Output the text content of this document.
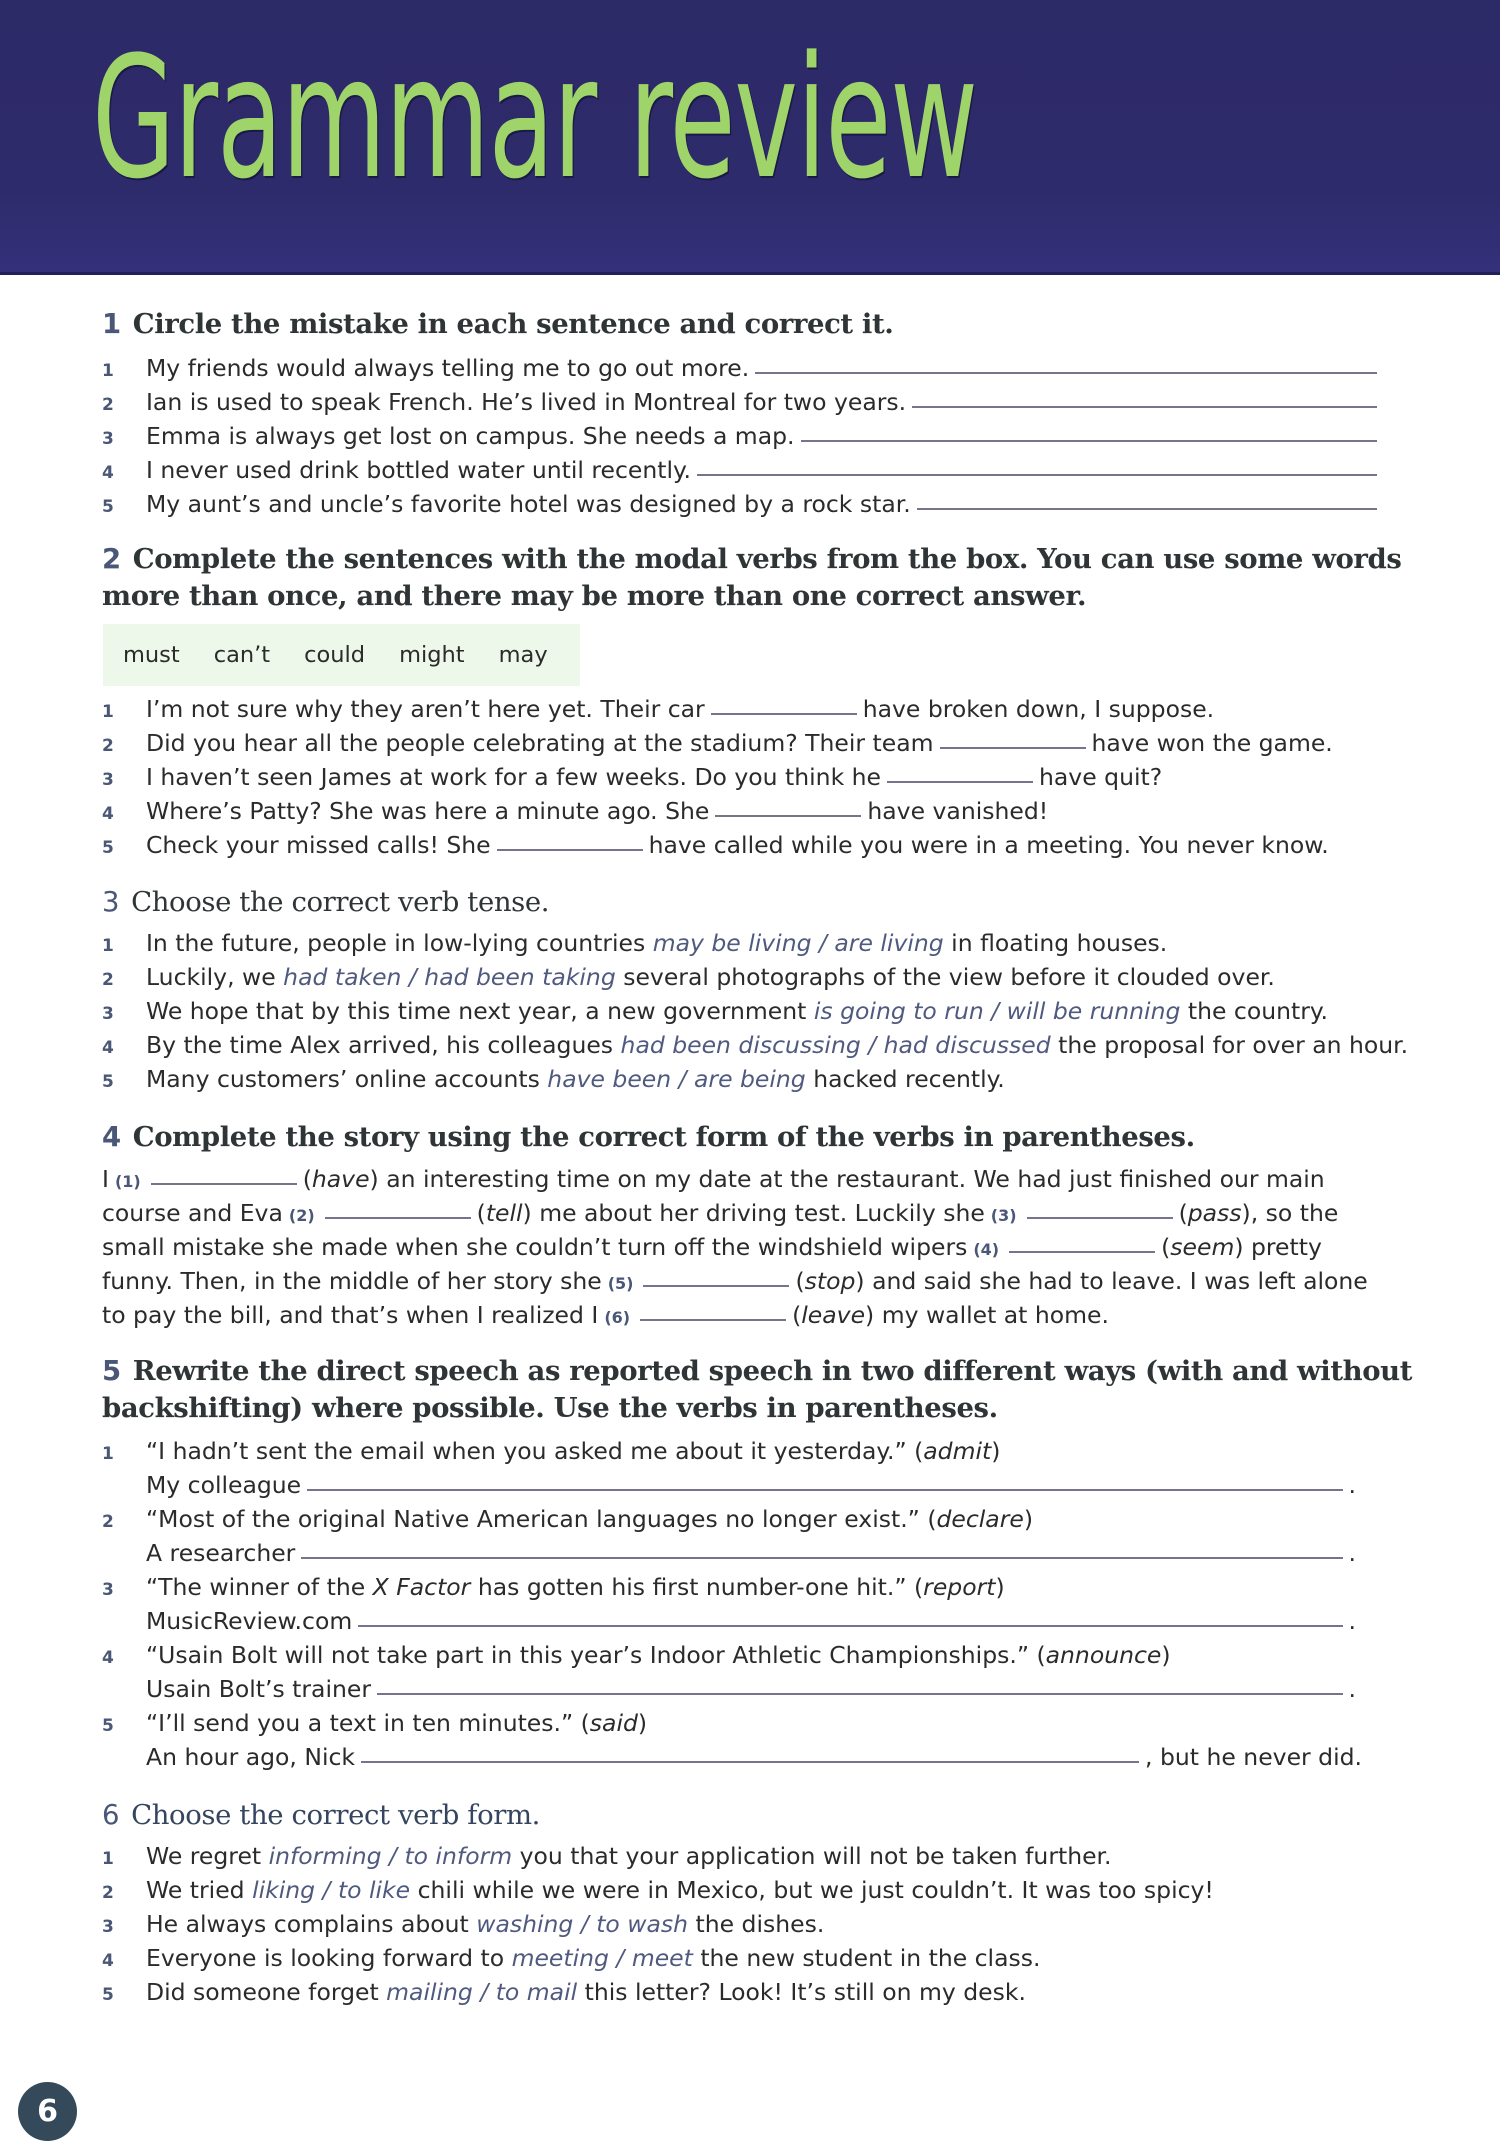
Grammar review
1 Circle the mistake in each sentence and correct it.
1	My friends would always telling me to go out more.
2	Ian is used to speak French. He’s lived in Montreal for two years.
3	Emma is always get lost on campus. She needs a map.
4	I never used drink bottled water until recently.
5	My aunt’s and uncle’s favorite hotel was designed by a rock star.
2 Complete the sentences with the modal verbs from the box. You can use some words
more than once, and there may be more than one correct answer.
must can’t could might may
1	I’m not sure why they aren’t here yet. Their car	have broken down, I suppose.
2	Did you hear all the people celebrating at the stadium? Their team	have won the game.
3	I haven’t seen James at work for a few weeks. Do you think he	have quit?
4	Where’s Patty? She was here a minute ago. She	have vanished!
5	Check your missed calls! She	have called while you were in a meeting. You never know.
3 Choose the correct verb tense.
1	In the future, people in low-lying countries
may be living / are living
in floating houses.
2	Luckily, we
had taken / had been taking
several photographs of the view before it clouded over.
3	We hope that by this time next year, a new government
is going to run / will be running
the country.
4	By the time Alex arrived, his colleagues
had been discussing / had discussed
the proposal for over an hour.
5	Many customers’ online accounts
have been / are being
hacked recently.
4 Complete the story using the correct form of the verbs in parentheses.
I (1)	(have) an interesting time on my date at the restaurant. We had just finished our main
course and Eva (2)	(tell) me about her driving test. Luckily she (3)	(pass), so the
small mistake she made when she couldn’t turn off the windshield wipers (4)	(seem) pretty
funny. Then, in the middle of her story she (5)	(stop) and said she had to leave. I was left alone
to pay the bill, and that’s when I realized I (6)	(leave) my wallet at home.
5 Rewrite the direct speech as reported speech in two different ways (with and without
backshifting) where possible. Use the verbs in parentheses.
1	“I hadn’t sent the email when you asked me about it yesterday.” ( admit )
My colleague	.
2	“Most of the original Native American languages no longer exist.” ( declare )
A researcher	.
3	“The winner of the
X Factor
has gotten his first number-one hit.” ( report )
MusicReview.com	.
4	“Usain Bolt will not take part in this year’s Indoor Athletic Championships.” ( announce )
Usain Bolt’s trainer	.
5	“I’ll send you a text in ten minutes.” ( said )
An hour ago, Nick	, but he never did.
6 Choose the correct verb form.
1	We regret
informing / to inform
you that your application will not be taken further.
2	We tried
liking / to like
chili while we were in Mexico, but we just couldn’t. It was too spicy!
3	He always complains about
washing / to wash
the dishes.
4	Everyone is looking forward to
meeting / meet
the new student in the class.
5	Did someone forget
mailing / to mail
this letter? Look! It’s still on my desk.
6
